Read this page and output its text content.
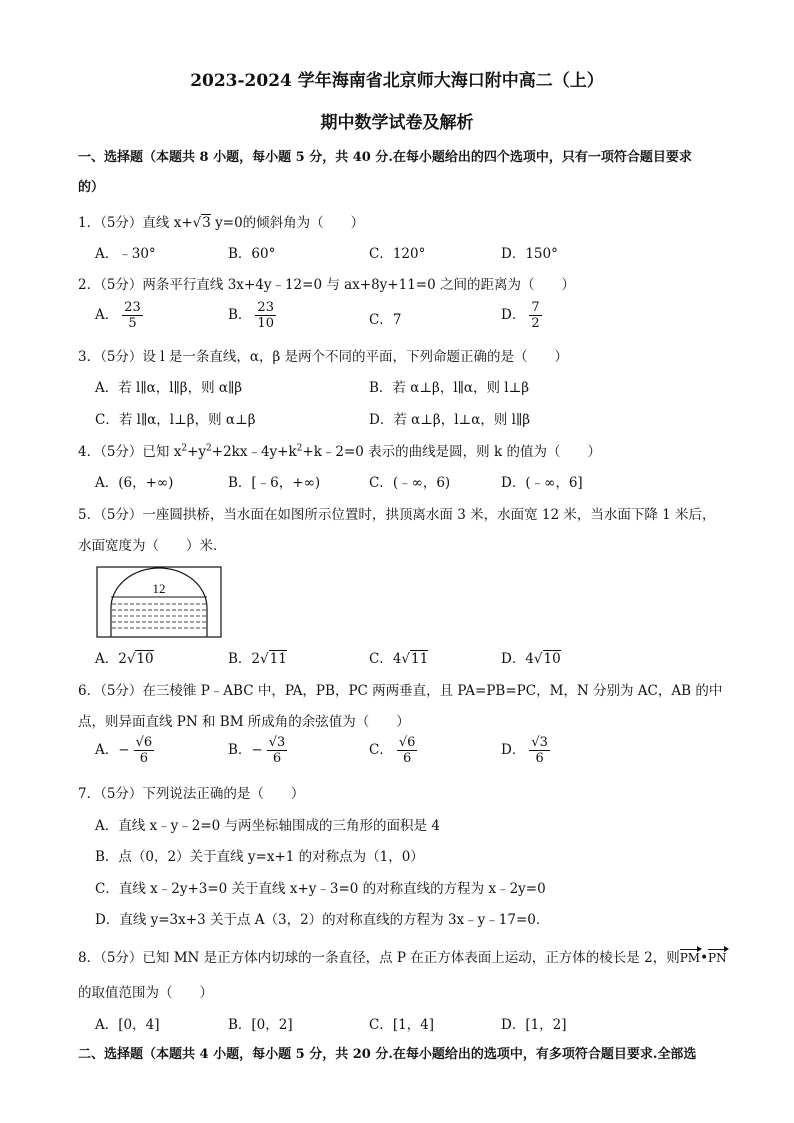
2023-2024 学年海南省北京师大海口附中高二（上）
期中数学试卷及解析
一、选择题（本题共 8 小题，每小题 5 分，共 40 分.在每小题给出的四个选项中，只有一项符合题目要求
的）
1．（5分）直线 x+√3 y=0的倾斜角为（　　）
A．﹣30°	B．60°	C．120°	D．150°
2．（5分）两条平行直线 3x+4y﹣12=0 与 ax+8y+11=0 之间的距离为（　　）
A． $\frac{23}{5}$	B． $\frac{23}{10}$	C．7	D． $\frac{7}{2}$
3．（5分）设 l 是一条直线，α，β 是两个不同的平面，下列命题正确的是（　　）
A．若 l∥α，l∥β，则 α∥β	B．若 α⊥β，l∥α，则 l⊥β
C．若 l∥α，l⊥β，则 α⊥β	D．若 α⊥β，l⊥α，则 l∥β
4．（5分）已知 $x^2+y^2+2kx﹣4y+k^2+k﹣2=0$ 表示的曲线是圆，则 k 的值为（　　）
A．(6，+∞)	B．[﹣6，+∞)	C．(﹣∞，6)	D．(﹣∞，6]
5．（5分）一座圆拱桥，当水面在如图所示位置时，拱顶离水面 3 米，水面宽 12 米，当水面下降 1 米后，
水面宽度为（　　）米．
12
A．2√10	B．2√11	C．4√11	D．4√10
6．（5分）在三棱锥 P﹣ABC 中，PA，PB，PC 两两垂直，且 PA=PB=PC，M，N 分别为 AC，AB 的中
点，则异面直线 PN 和 BM 所成角的余弦值为（　　）
A．− $\frac{√6}{6}$	B．− $\frac{√3}{6}$	C． $\frac{√6}{6}$	D． $\frac{√3}{6}$
7．（5分）下列说法正确的是（　　）
A．直线 x﹣y﹣2=0 与两坐标轴围成的三角形的面积是 4
B．点（0，2）关于直线 y=x+1 的对称点为（1，0）
C．直线 x﹣2y+3=0 关于直线 x+y﹣3=0 的对称直线的方程为 x﹣2y=0
D．直线 y=3x+3 关于点 A（3，2）的对称直线的方程为 3x﹣y﹣17=0．
8．（5分）已知 MN 是正方体内切球的一条直径，点 P 在正方体表面上运动，正方体的棱长是 2，则PM•PN
的取值范围为（　　）
A．[0，4]	B．[0，2]	C．[1，4]	D．[1，2]
二、选择题（本题共 4 小题，每小题 5 分，共 20 分.在每小题给出的选项中，有多项符合题目要求.全部选
